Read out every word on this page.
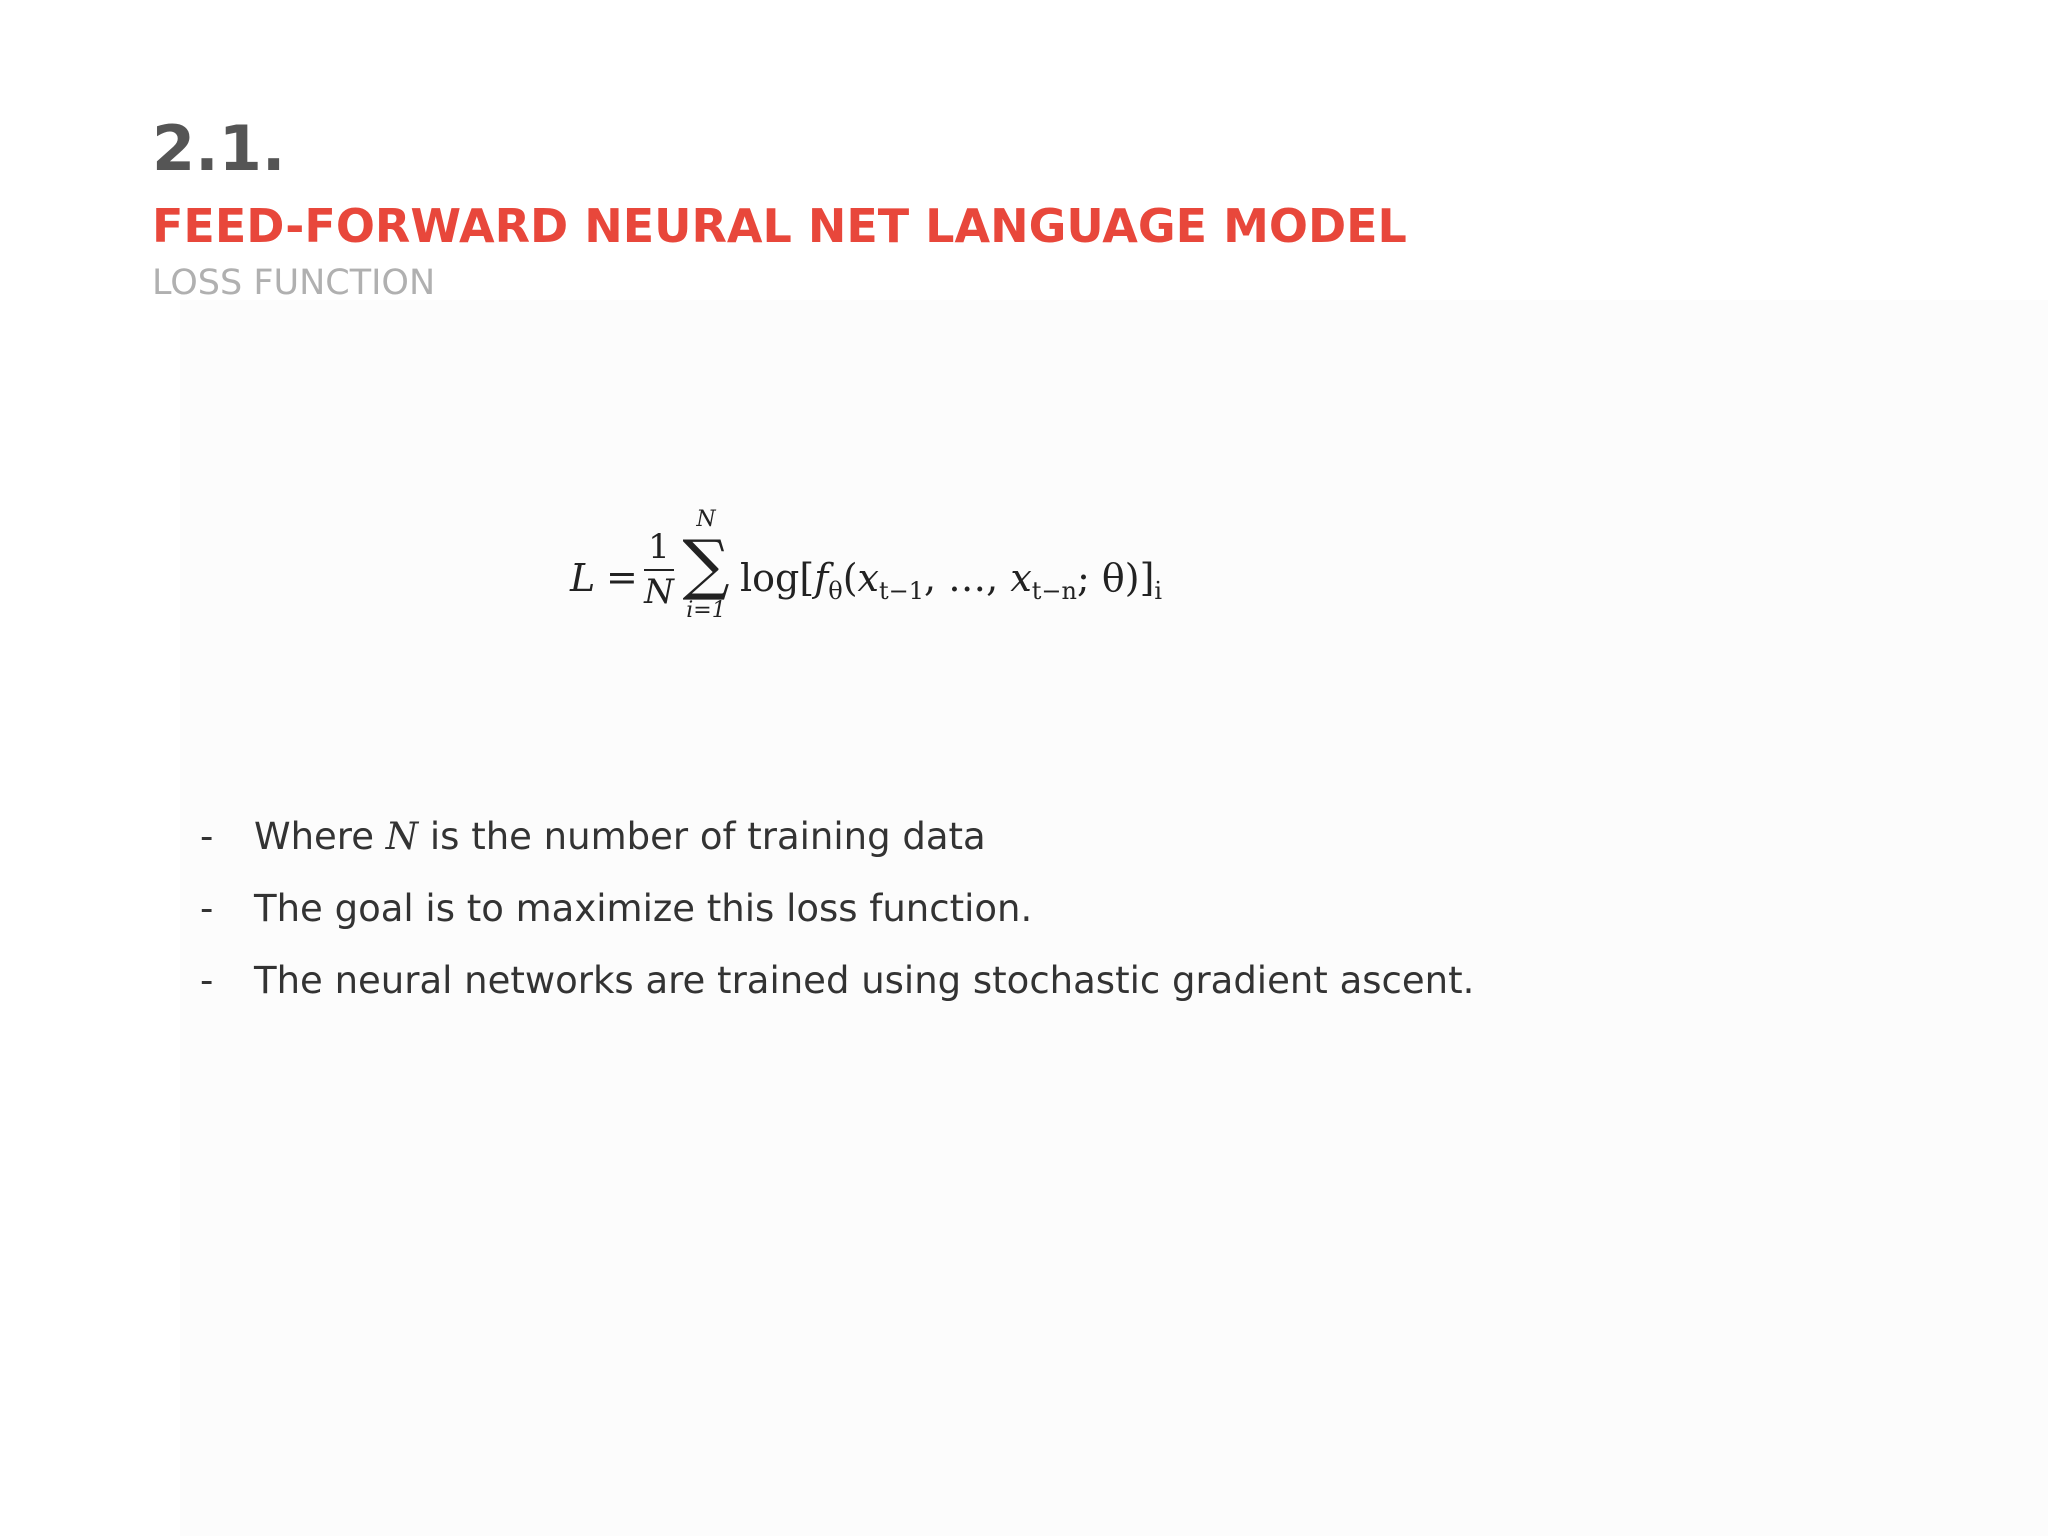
2.1.
FEED-FORWARD NEURAL NET LANGUAGE MODEL
LOSS FUNCTION
L =
1
N
N
∑
i=1
$\log[f_\theta(x_{t-1}$, …, $x_{t-n}$; $\theta)]_i$
- Where N is the number of training data
- The goal is to maximize this loss function.
- The neural networks are trained using stochastic gradient ascent.
